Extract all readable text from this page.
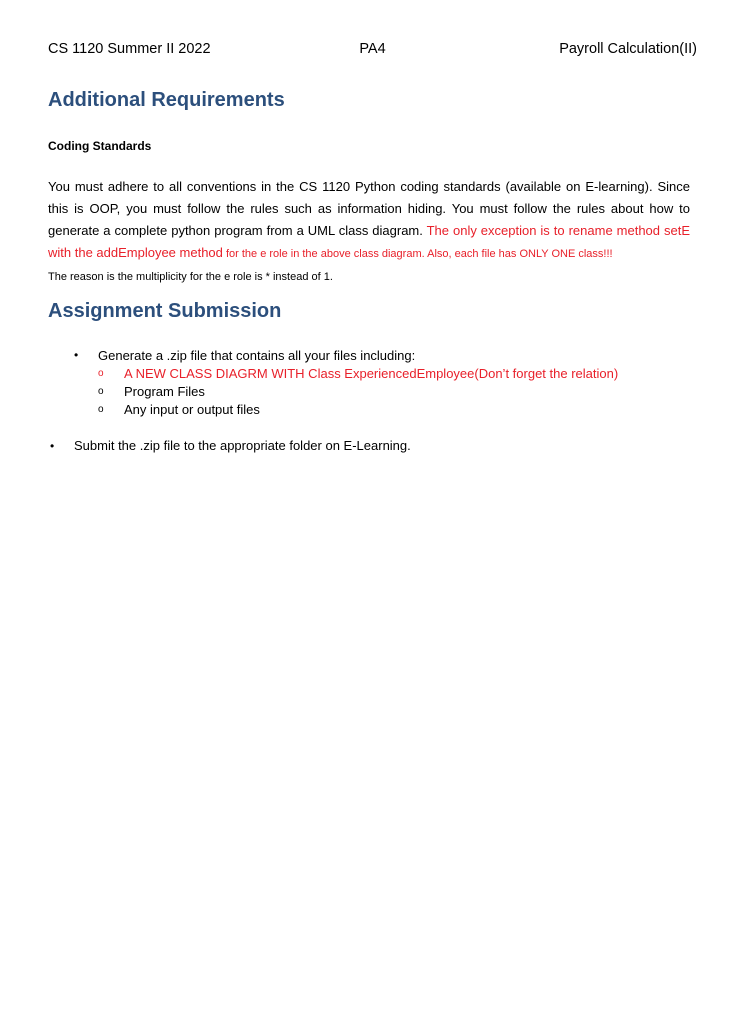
CS 1120 Summer II 2022	PA4	Payroll Calculation(II)
Additional Requirements
Coding Standards
You must adhere to all conventions in the CS 1120 Python coding standards (available on E-learning). Since this is OOP, you must follow the rules such as information hiding. You must follow the rules about how to generate a complete python program from a UML class diagram. The only exception is to rename method setE with the addEmployee method for the e role in the above class diagram. Also, each file has ONLY ONE class!!!
The reason is the multiplicity for the e role is * instead of 1.
Assignment Submission
•	Generate a .zip file that contains all your files including:
o	A NEW CLASS DIAGRM WITH Class ExperiencedEmployee(Don’t forget the relation)
o	Program Files
o	Any input or output files
•	Submit the .zip file to the appropriate folder on E-Learning.
